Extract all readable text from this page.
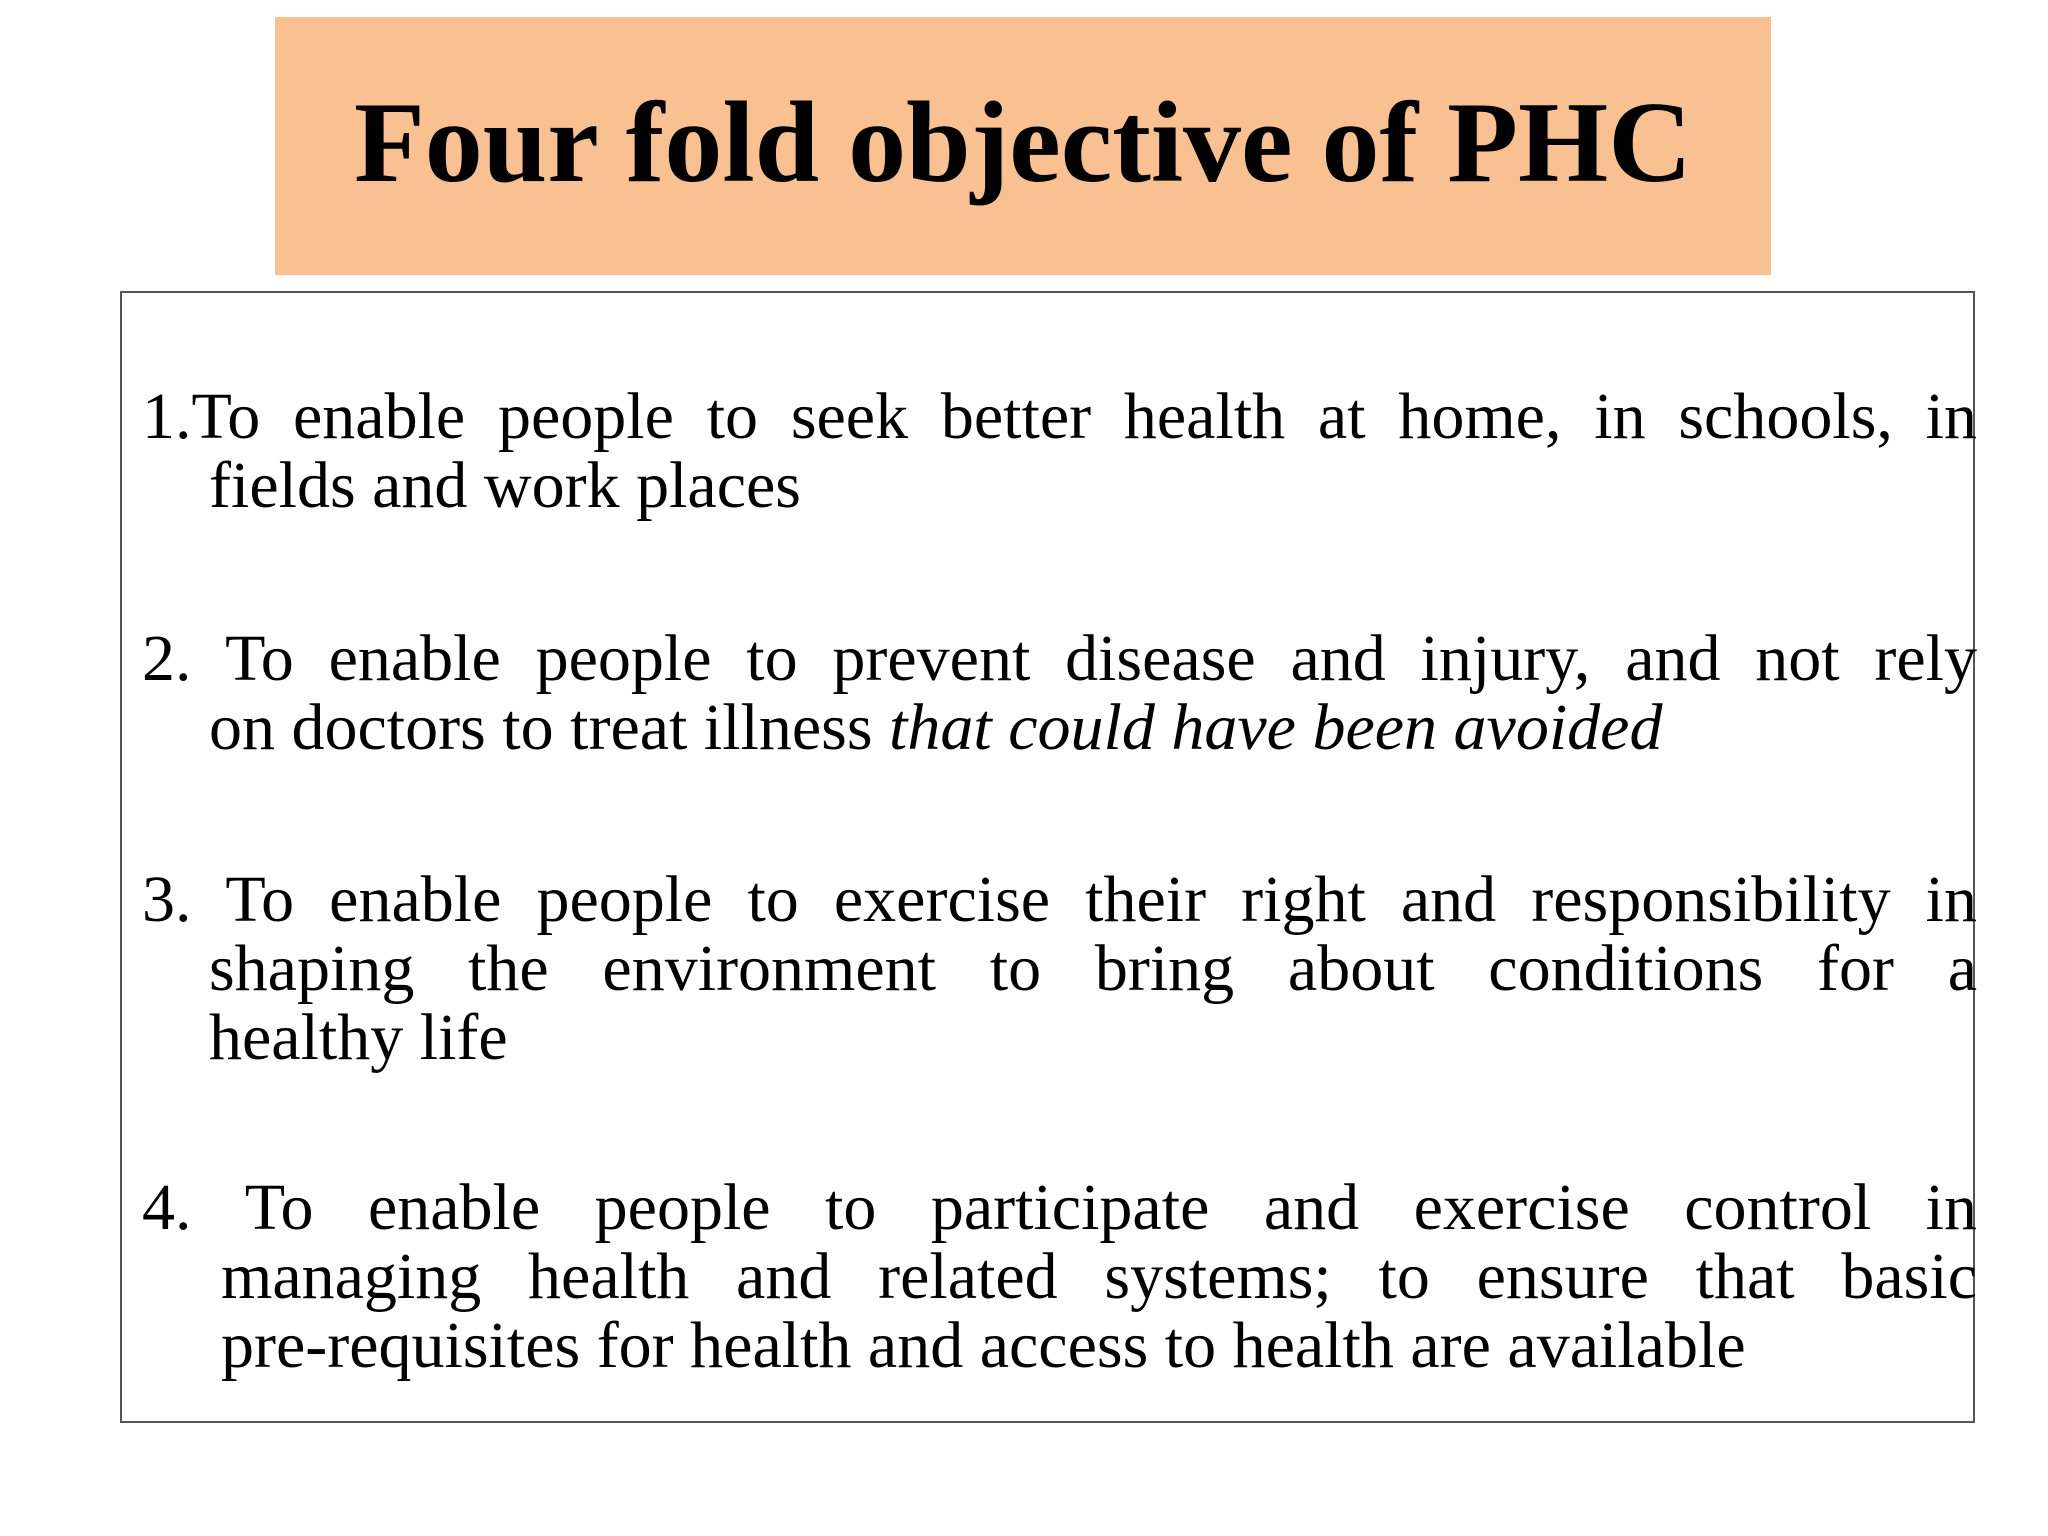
Four fold objective of PHC
1.To enable people to seek better health at home, in schools, in
fields and work places
2. To enable people to prevent disease and injury, and not rely
on doctors to treat illness that could have been avoided
3. To enable people to exercise their right and responsibility in
shaping the environment to bring about conditions for a
healthy life
4. To enable people to participate and exercise control in
managing health and related systems; to ensure that basic
pre-requisites for health and access to health are available
